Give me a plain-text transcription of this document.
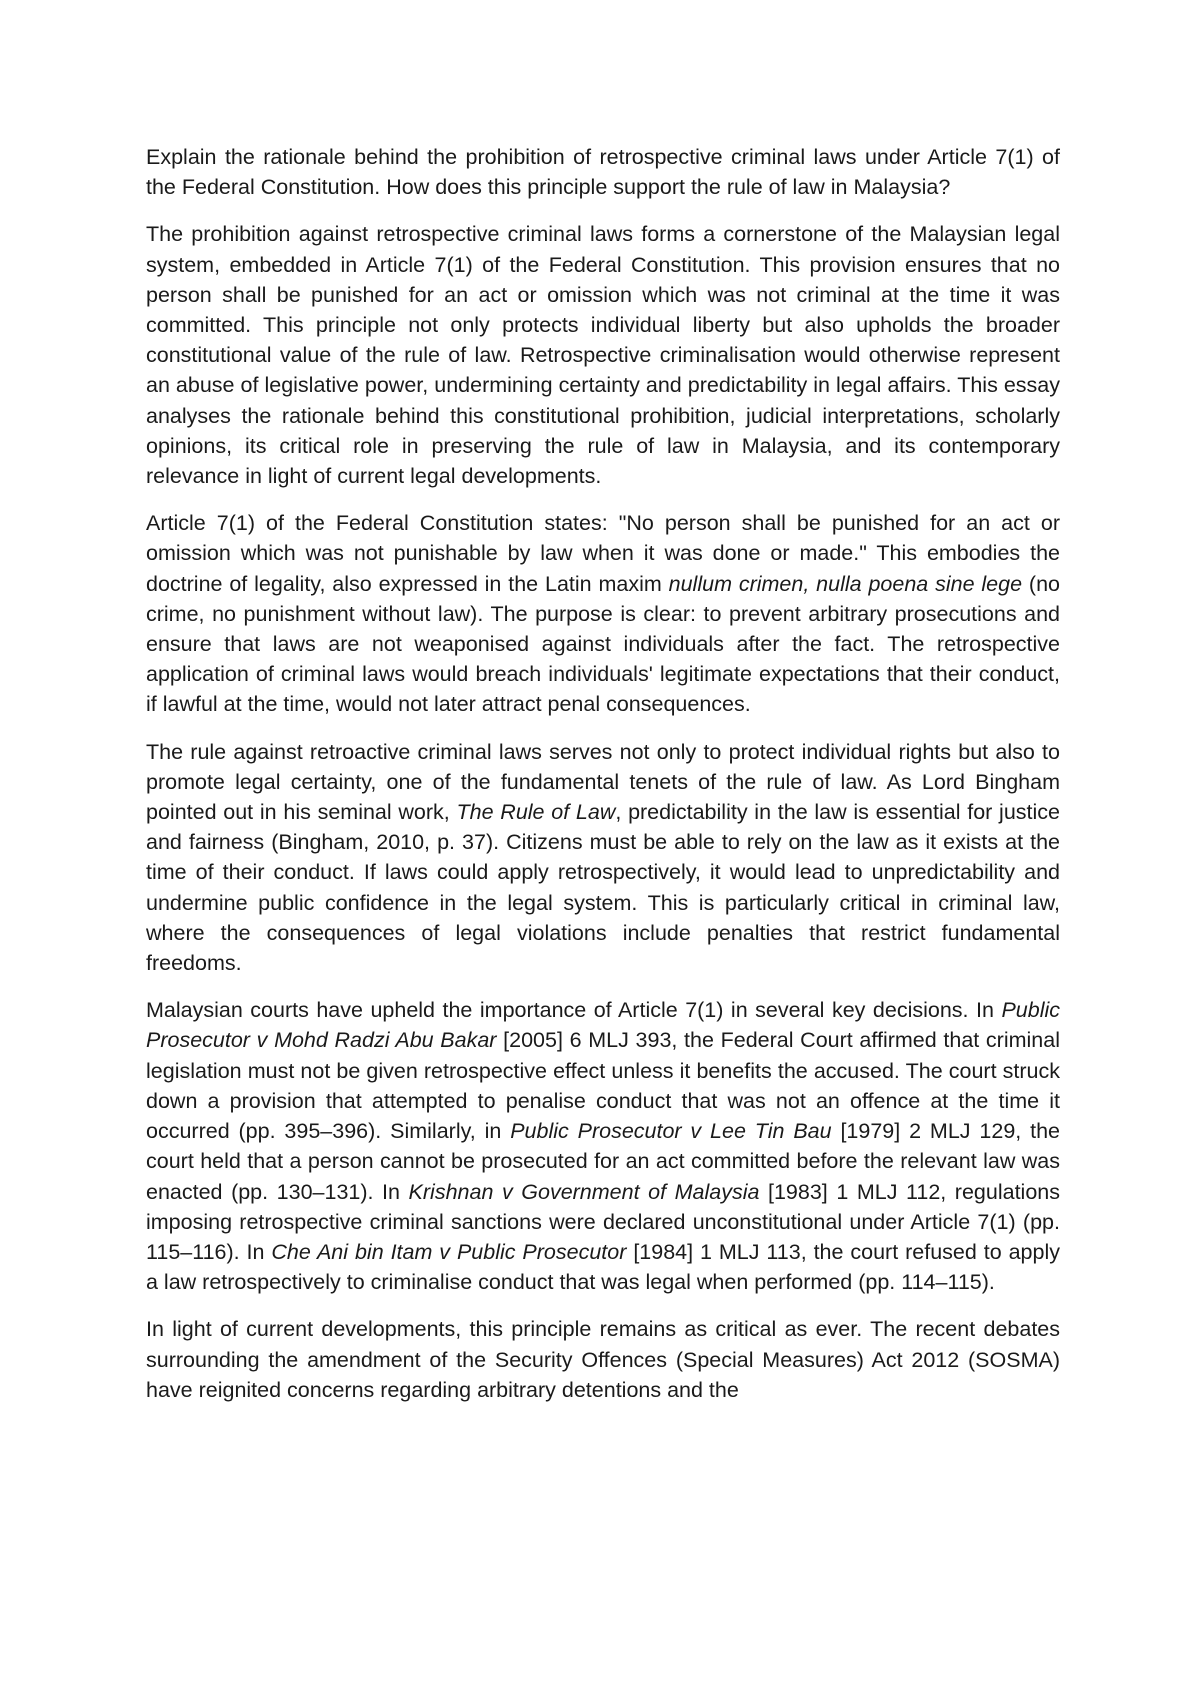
Explain the rationale behind the prohibition of retrospective criminal laws under Article 7(1) of the Federal Constitution. How does this principle support the rule of law in Malaysia?

The prohibition against retrospective criminal laws forms a cornerstone of the Malaysian legal system, embedded in Article 7(1) of the Federal Constitution. This provision ensures that no person shall be punished for an act or omission which was not criminal at the time it was committed. This principle not only protects individual liberty but also upholds the broader constitutional value of the rule of law. Retrospective criminalisation would otherwise represent an abuse of legislative power, undermining certainty and predictability in legal affairs. This essay analyses the rationale behind this constitutional prohibition, judicial interpretations, scholarly opinions, its critical role in preserving the rule of law in Malaysia, and its contemporary relevance in light of current legal developments.

Article 7(1) of the Federal Constitution states: "No person shall be punished for an act or omission which was not punishable by law when it was done or made." This embodies the doctrine of legality, also expressed in the Latin maxim nullum crimen, nulla poena sine lege (no crime, no punishment without law). The purpose is clear: to prevent arbitrary prosecutions and ensure that laws are not weaponised against individuals after the fact. The retrospective application of criminal laws would breach individuals' legitimate expectations that their conduct, if lawful at the time, would not later attract penal consequences.

The rule against retroactive criminal laws serves not only to protect individual rights but also to promote legal certainty, one of the fundamental tenets of the rule of law. As Lord Bingham pointed out in his seminal work, The Rule of Law, predictability in the law is essential for justice and fairness (Bingham, 2010, p. 37). Citizens must be able to rely on the law as it exists at the time of their conduct. If laws could apply retrospectively, it would lead to unpredictability and undermine public confidence in the legal system. This is particularly critical in criminal law, where the consequences of legal violations include penalties that restrict fundamental freedoms.

Malaysian courts have upheld the importance of Article 7(1) in several key decisions. In Public Prosecutor v Mohd Radzi Abu Bakar [2005] 6 MLJ 393, the Federal Court affirmed that criminal legislation must not be given retrospective effect unless it benefits the accused. The court struck down a provision that attempted to penalise conduct that was not an offence at the time it occurred (pp. 395–396). Similarly, in Public Prosecutor v Lee Tin Bau [1979] 2 MLJ 129, the court held that a person cannot be prosecuted for an act committed before the relevant law was enacted (pp. 130–131). In Krishnan v Government of Malaysia [1983] 1 MLJ 112, regulations imposing retrospective criminal sanctions were declared unconstitutional under Article 7(1) (pp. 115–116). In Che Ani bin Itam v Public Prosecutor [1984] 1 MLJ 113, the court refused to apply a law retrospectively to criminalise conduct that was legal when performed (pp. 114–115).

In light of current developments, this principle remains as critical as ever. The recent debates surrounding the amendment of the Security Offences (Special Measures) Act 2012 (SOSMA) have reignited concerns regarding arbitrary detentions and the
